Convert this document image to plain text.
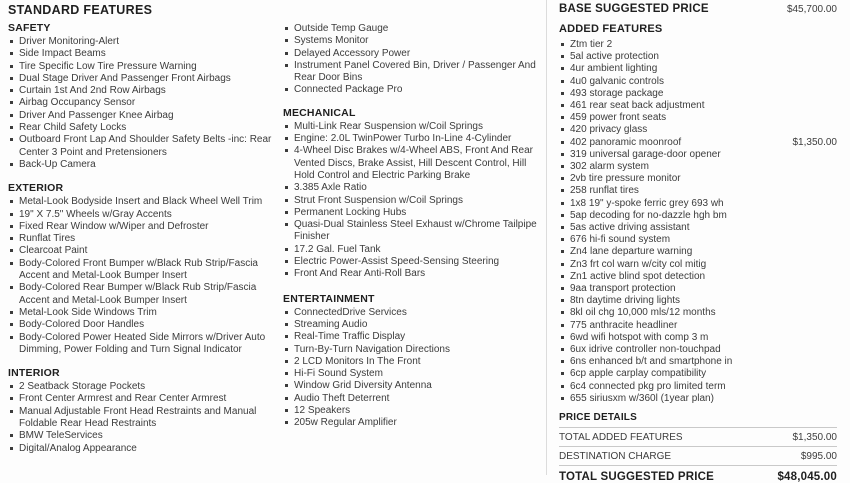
STANDARD FEATURES
SAFETY
Driver Monitoring-Alert
Side Impact Beams
Tire Specific Low Tire Pressure Warning
Dual Stage Driver And Passenger Front Airbags
Curtain 1st And 2nd Row Airbags
Airbag Occupancy Sensor
Driver And Passenger Knee Airbag
Rear Child Safety Locks
Outboard Front Lap And Shoulder Safety Belts -inc: Rear Center 3 Point and Pretensioners
Back-Up Camera
EXTERIOR
Metal-Look Bodyside Insert and Black Wheel Well Trim
19" X 7.5" Wheels w/Gray Accents
Fixed Rear Window w/Wiper and Defroster
Runflat Tires
Clearcoat Paint
Body-Colored Front Bumper w/Black Rub Strip/Fascia Accent and Metal-Look Bumper Insert
Body-Colored Rear Bumper w/Black Rub Strip/Fascia Accent and Metal-Look Bumper Insert
Metal-Look Side Windows Trim
Body-Colored Door Handles
Body-Colored Power Heated Side Mirrors w/Driver Auto Dimming, Power Folding and Turn Signal Indicator
INTERIOR
2 Seatback Storage Pockets
Front Center Armrest and Rear Center Armrest
Manual Adjustable Front Head Restraints and Manual Foldable Rear Head Restraints
BMW TeleServices
Digital/Analog Appearance
Outside Temp Gauge
Systems Monitor
Delayed Accessory Power
Instrument Panel Covered Bin, Driver / Passenger And Rear Door Bins
Connected Package Pro
MECHANICAL
Multi-Link Rear Suspension w/Coil Springs
Engine: 2.0L TwinPower Turbo In-Line 4-Cylinder
4-Wheel Disc Brakes w/4-Wheel ABS, Front And Rear Vented Discs, Brake Assist, Hill Descent Control, Hill Hold Control and Electric Parking Brake
3.385 Axle Ratio
Strut Front Suspension w/Coil Springs
Permanent Locking Hubs
Quasi-Dual Stainless Steel Exhaust w/Chrome Tailpipe Finisher
17.2 Gal. Fuel Tank
Electric Power-Assist Speed-Sensing Steering
Front And Rear Anti-Roll Bars
ENTERTAINMENT
ConnectedDrive Services
Streaming Audio
Real-Time Traffic Display
Turn-By-Turn Navigation Directions
2 LCD Monitors In The Front
Hi-Fi Sound System
Window Grid Diversity Antenna
Audio Theft Deterrent
12 Speakers
205w Regular Amplifier
BASE SUGGESTED PRICE	$45,700.00
ADDED FEATURES
Ztm tier 2
5al active protection
4ur ambient lighting
4u0 galvanic controls
493 storage package
461 rear seat back adjustment
459 power front seats
420 privacy glass
402 panoramic moonroof	$1,350.00
319 universal garage-door opener
302 alarm system
2vb tire pressure monitor
258 runflat tires
1x8 19" y-spoke ferric grey 693 wh
5ap decoding for no-dazzle hgh bm
5as active driving assistant
676 hi-fi sound system
Zn4 lane departure warning
Zn3 frt col warn w/city col mitig
Zn1 active blind spot detection
9aa transport protection
8tn daytime driving lights
8kl oil chg 10,000 mls/12 months
775 anthracite headliner
6wd wifi hotspot with comp 3 m
6ux idrive controller non-touchpad
6ns enhanced b/t and smartphone in
6cp apple carplay compatibility
6c4 connected pkg pro limited term
655 siriusxm w/360l (1year plan)
PRICE DETAILS
TOTAL ADDED FEATURES	$1,350.00
DESTINATION CHARGE	$995.00
TOTAL SUGGESTED PRICE	$48,045.00
